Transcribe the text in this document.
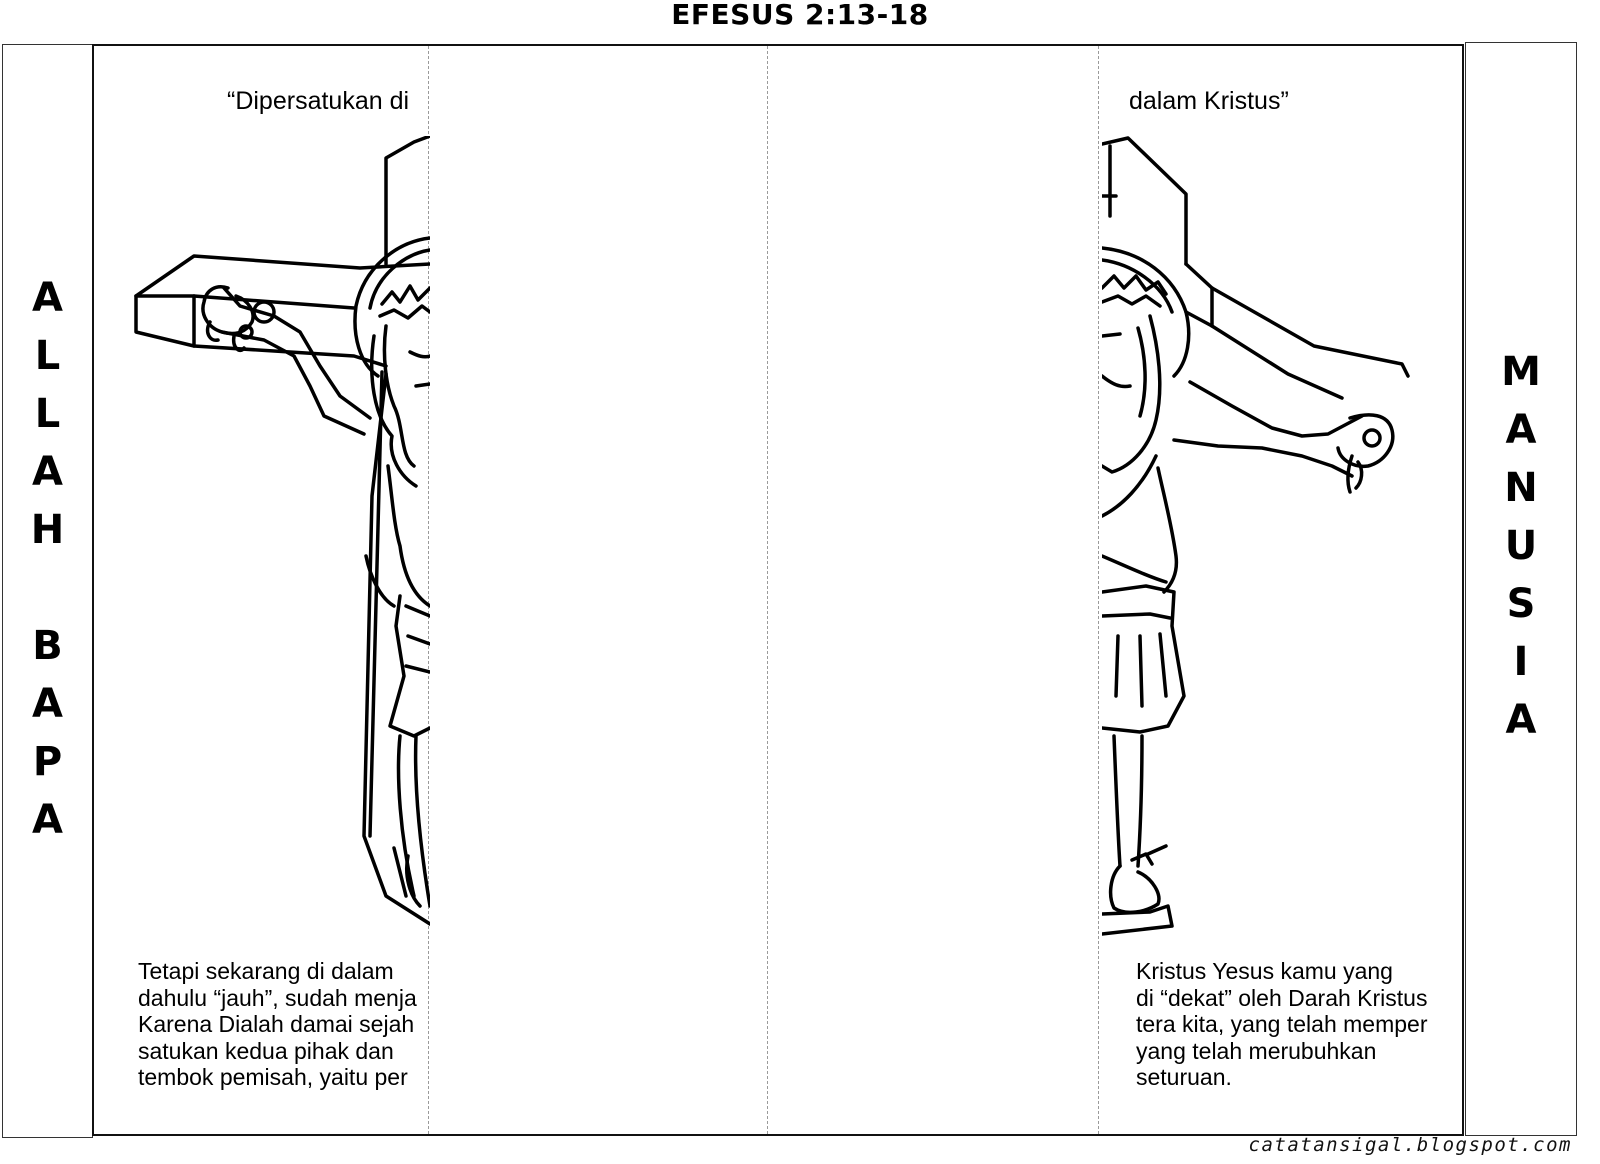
EFESUS 2:13-18
A
L
L
A
H
B
A
P
A
M
A
N
U
S
I
A
“Dipersatukan di	dalam Kristus”
Tetapi sekarang di dalam
dahulu “jauh”, sudah menja
Karena Dialah damai sejah
satukan kedua pihak dan
tembok pemisah, yaitu per
Kristus Yesus kamu yang
di “dekat” oleh Darah Kristus
tera kita, yang telah memper
yang telah merubuhkan
seturuan.
catatansigal.blogspot.com
